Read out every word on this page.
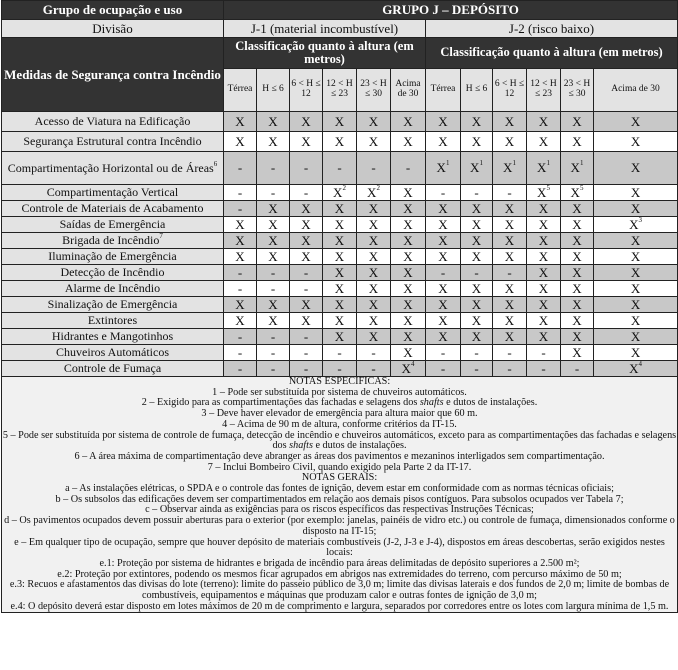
Grupo de ocupação e uso	GRUPO J – DEPÓSITO											
Divisão	J-1 (material incombustível)						J-2 (risco baixo)					
Medidas de Segurança contra Incêndio	Classificação quanto à altura (em metros)						Classificação quanto à altura (em metros)					
	Térrea	H ≤ 6	6 < H ≤ 12	12 < H ≤ 23	23 < H ≤ 30	Acima de 30	Térrea	H ≤ 6	6 < H ≤ 12	12 < H ≤ 23	23 < H ≤ 30	Acima de 30
Acesso de Viatura na Edificação	X	X	X	X	X	X	X	X	X	X	X	X
Segurança Estrutural contra Incêndio	X	X	X	X	X	X	X	X	X	X	X	X
Compartimentação Horizontal ou de Áreas$^6$	-	-	-	-	-	-	$X^1$	$X^1$	$X^1$	$X^1$	$X^1$	X
Compartimentação Vertical	-	-	-	$X^2$	$X^2$	X	-	-	-	$X^5$	$X^5$	X
Controle de Materiais de Acabamento	-	X	X	X	X	X	X	X	X	X	X	X
Saídas de Emergência	X	X	X	X	X	X	X	X	X	X	X	$X^3$
Brigada de Incêndio$^7$	X	X	X	X	X	X	X	X	X	X	X	X
Iluminação de Emergência	X	X	X	X	X	X	X	X	X	X	X	X
Detecção de Incêndio	-	-	-	X	X	X	-	-	-	X	X	X
Alarme de Incêndio	-	-	-	X	X	X	X	X	X	X	X	X
Sinalização de Emergência	X	X	X	X	X	X	X	X	X	X	X	X
Extintores	X	X	X	X	X	X	X	X	X	X	X	X
Hidrantes e Mangotinhos	-	-	-	X	X	X	X	X	X	X	X	X
Chuveiros Automáticos	-	-	-	-	-	X	-	-	-	-	X	X
Controle de Fumaça	-	-	-	-	-	$X^4$	-	-	-	-	-	$X^4$

NOTAS ESPECIFICAS:
1 – Pode ser substituída por sistema de chuveiros automáticos.
2 – Exigido para as compartimentações das fachadas e selagens dos shafts e dutos de instalações.
3 – Deve haver elevador de emergência para altura maior que 60 m.
4 – Acima de 90 m de altura, conforme critérios da IT-15.
5 – Pode ser substituída por sistema de controle de fumaça, detecção de incêndio e chuveiros automáticos, exceto para as compartimentações das fachadas e selagens dos shafts e dutos de instalações.
6 – A área máxima de compartimentação deve abranger as áreas dos pavimentos e mezaninos interligados sem compartimentação.
7 – Inclui Bombeiro Civil, quando exigido pela Parte 2 da IT-17.
NOTAS GERAIS:
a – As instalações elétricas, o SPDA e o controle das fontes de ignição, devem estar em conformidade com as normas técnicas oficiais;
b – Os subsolos das edificações devem ser compartimentados em relação aos demais pisos contíguos. Para subsolos ocupados ver Tabela 7;
c – Observar ainda as exigências para os riscos específicos das respectivas Instruções Técnicas;
d – Os pavimentos ocupados devem possuir aberturas para o exterior (por exemplo: janelas, painéis de vidro etc.) ou controle de fumaça, dimensionados conforme o disposto na IT-15;
e – Em qualquer tipo de ocupação, sempre que houver depósito de materiais combustíveis (J-2, J-3 e J-4), dispostos em áreas descobertas, serão exigidos nestes locais:
e.1: Proteção por sistema de hidrantes e brigada de incêndio para áreas delimitadas de depósito superiores a 2.500 m²;
e.2: Proteção por extintores, podendo os mesmos ficar agrupados em abrigos nas extremidades do terreno, com percurso máximo de 50 m;
e.3: Recuos e afastamentos das divisas do lote (terreno): limite do passeio público de 3,0 m; limite das divisas laterais e dos fundos de 2,0 m; limite de bombas de combustíveis, equipamentos e máquinas que produzam calor e outras fontes de ignição de 3,0 m;
e.4: O depósito deverá estar disposto em lotes máximos de 20 m de comprimento e largura, separados por corredores entre os lotes com largura mínima de 1,5 m.
